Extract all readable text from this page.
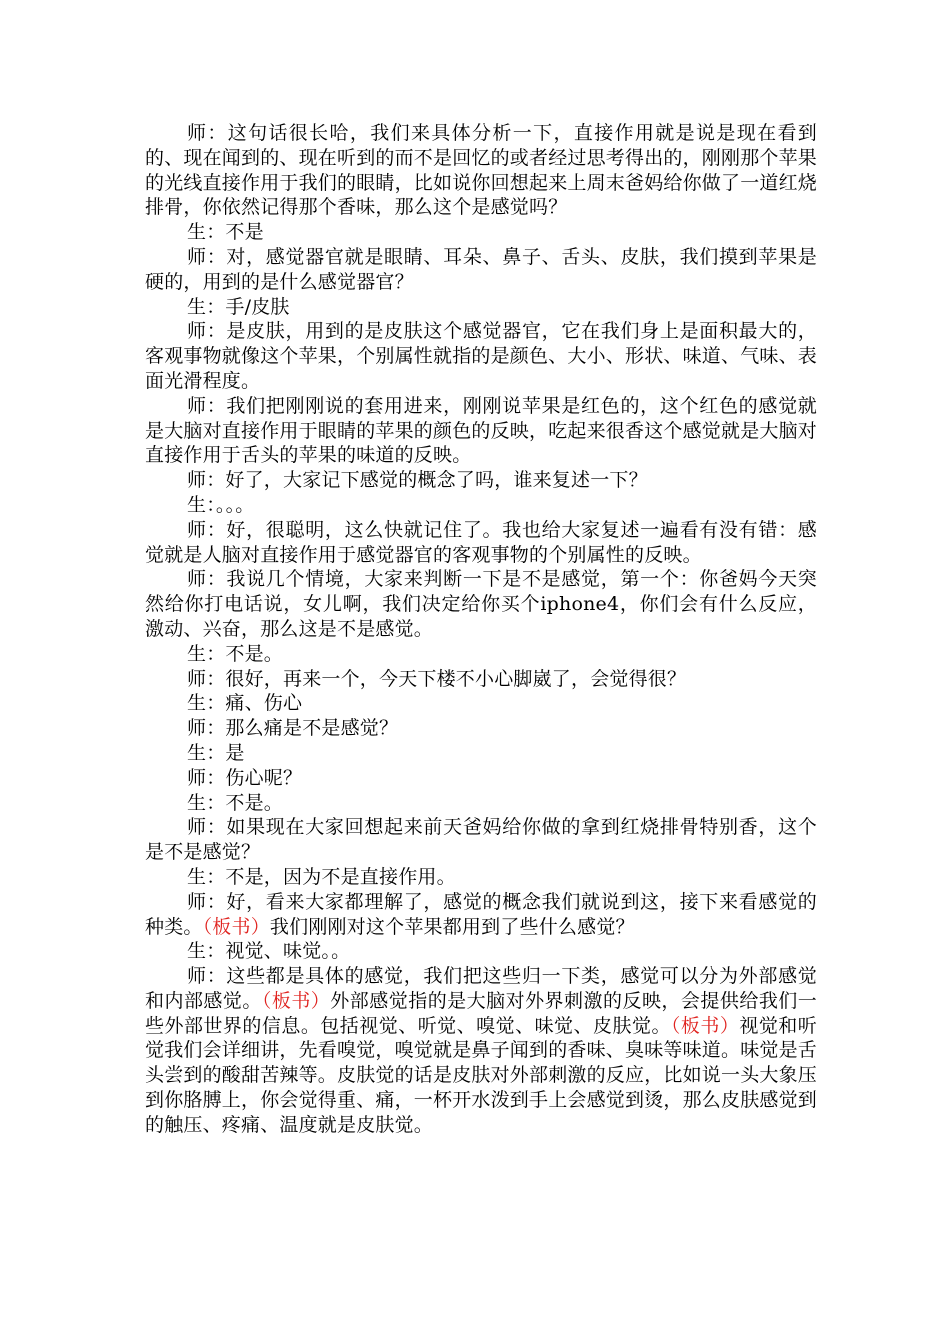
师：这句话很长哈，我们来具体分析一下，直接作用就是说是现在看到的、现在闻到的、现在听到的而不是回忆的或者经过思考得出的，刚刚那个苹果的光线直接作用于我们的眼睛，比如说你回想起来上周末爸妈给你做了一道红烧排骨，你依然记得那个香味，那么这个是感觉吗？

生：不是

师：对，感觉器官就是眼睛、耳朵、鼻子、舌头、皮肤，我们摸到苹果是硬的，用到的是什么感觉器官？

生：手/皮肤

师：是皮肤，用到的是皮肤这个感觉器官，它在我们身上是面积最大的，客观事物就像这个苹果，个别属性就指的是颜色、大小、形状、味道、气味、表面光滑程度。

师：我们把刚刚说的套用进来，刚刚说苹果是红色的，这个红色的感觉就是大脑对直接作用于眼睛的苹果的颜色的反映，吃起来很香这个感觉就是大脑对直接作用于舌头的苹果的味道的反映。

师：好了，大家记下感觉的概念了吗，谁来复述一下？

生：。。。

师：好，很聪明，这么快就记住了。我也给大家复述一遍看有没有错：感觉就是人脑对直接作用于感觉器官的客观事物的个别属性的反映。

师：我说几个情境，大家来判断一下是不是感觉，第一个：你爸妈今天突然给你打电话说，女儿啊，我们决定给你买个iphone4，你们会有什么反应，激动、兴奋，那么这是不是感觉。

生：不是。

师：很好，再来一个，今天下楼不小心脚崴了，会觉得很？

生：痛、伤心

师：那么痛是不是感觉？

生：是

师：伤心呢？

生：不是。

师：如果现在大家回想起来前天爸妈给你做的拿到红烧排骨特别香，这个是不是感觉？

生：不是，因为不是直接作用。

师：好，看来大家都理解了，感觉的概念我们就说到这，接下来看感觉的种类。（板书）我们刚刚对这个苹果都用到了些什么感觉？

生：视觉、味觉。。

师：这些都是具体的感觉，我们把这些归一下类，感觉可以分为外部感觉和内部感觉。（板书）外部感觉指的是大脑对外界刺激的反映，会提供给我们一些外部世界的信息。包括视觉、听觉、嗅觉、味觉、皮肤觉。（板书）视觉和听觉我们会详细讲，先看嗅觉，嗅觉就是鼻子闻到的香味、臭味等味道。味觉是舌头尝到的酸甜苦辣等。皮肤觉的话是皮肤对外部刺激的反应，比如说一头大象压到你胳膊上，你会觉得重、痛，一杯开水泼到手上会感觉到烫，那么皮肤感觉到的触压、疼痛、温度就是皮肤觉。
